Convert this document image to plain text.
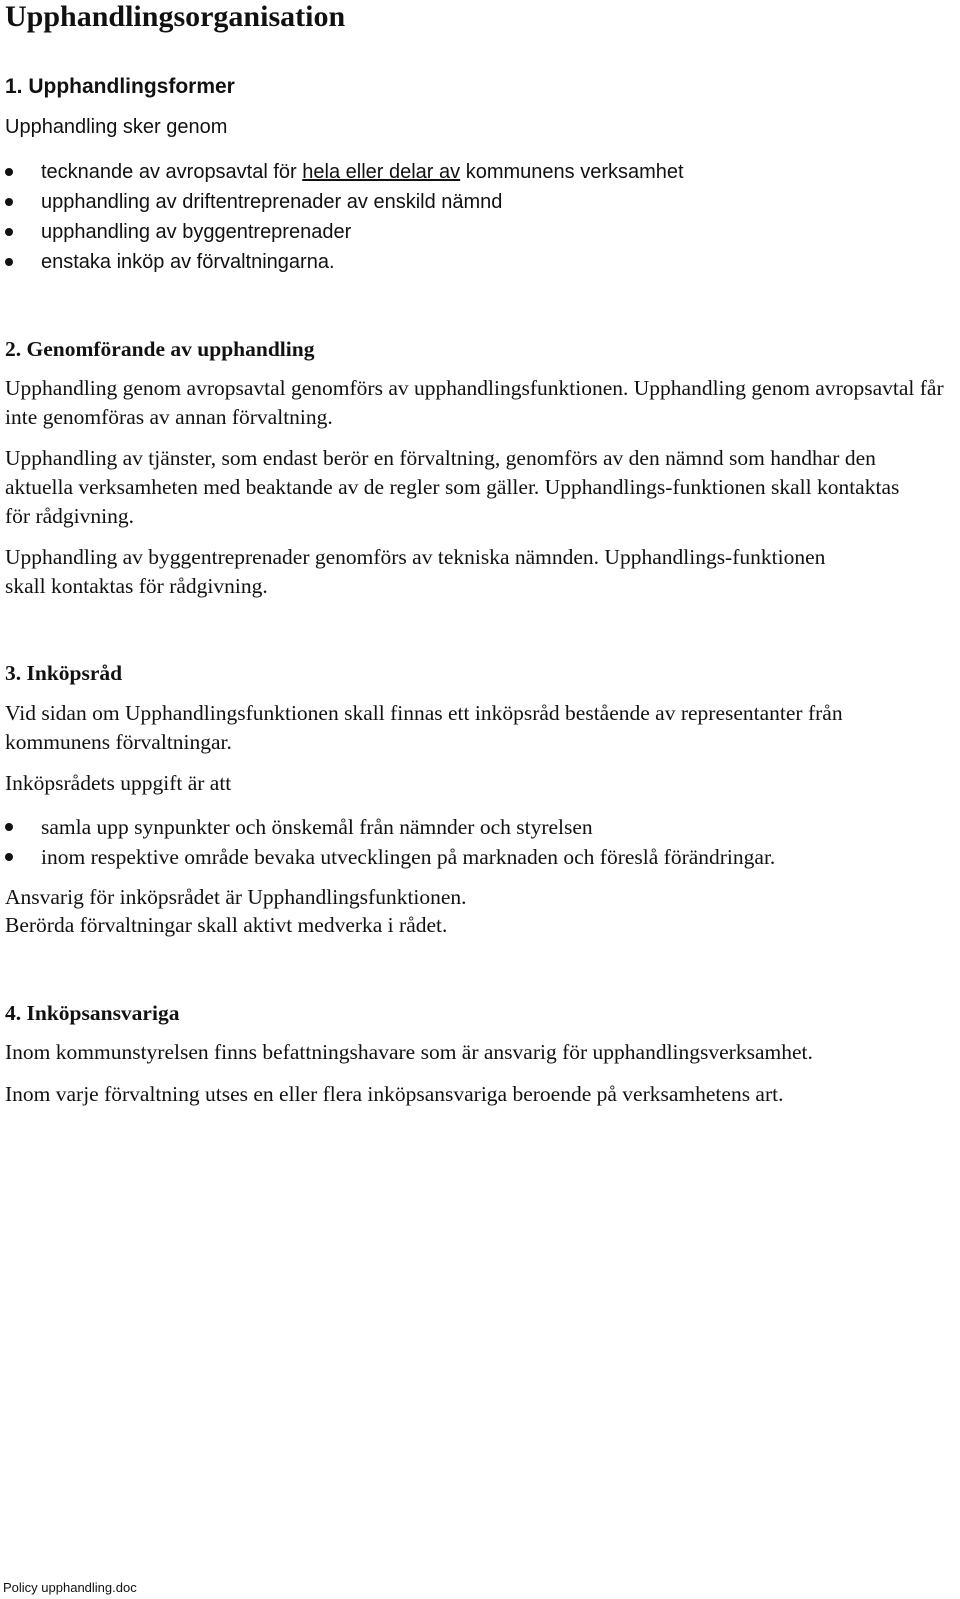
Upphandlingsorganisation
1. Upphandlingsformer

Upphandling sker genom

tecknande av avropsavtal för hela eller delar av kommunens verksamhet
upphandling av driftentreprenader av enskild nämnd
upphandling av byggentreprenader
enstaka inköp av förvaltningarna.
2. Genomförande av upphandling

Upphandling genom avropsavtal genomförs av upphandlingsfunktionen. Upphandling genom avropsavtal får inte genomföras av annan förvaltning.

Upphandling av tjänster, som endast berör en förvaltning, genomförs av den nämnd som handhar den aktuella verksamheten med beaktande av de regler som gäller. Upphandlings-funktionen skall kontaktas för rådgivning.

Upphandling av byggentreprenader genomförs av tekniska nämnden. Upphandlings-funktionen skall kontaktas för rådgivning.

3. Inköpsråd

Vid sidan om Upphandlingsfunktionen skall finnas ett inköpsråd bestående av representanter från kommunens förvaltningar.

Inköpsrådets uppgift är att

samla upp synpunkter och önskemål från nämnder och styrelsen
inom respektive område bevaka utvecklingen på marknaden och föreslå förändringar.

Ansvarig för inköpsrådet är Upphandlingsfunktionen.

Berörda förvaltningar skall aktivt medverka i rådet.

4. Inköpsansvariga

Inom kommunstyrelsen finns befattningshavare som är ansvarig för upphandlingsverksamhet.

Inom varje förvaltning utses en eller flera inköpsansvariga beroende på verksamhetens art.

Policy upphandling.doc
